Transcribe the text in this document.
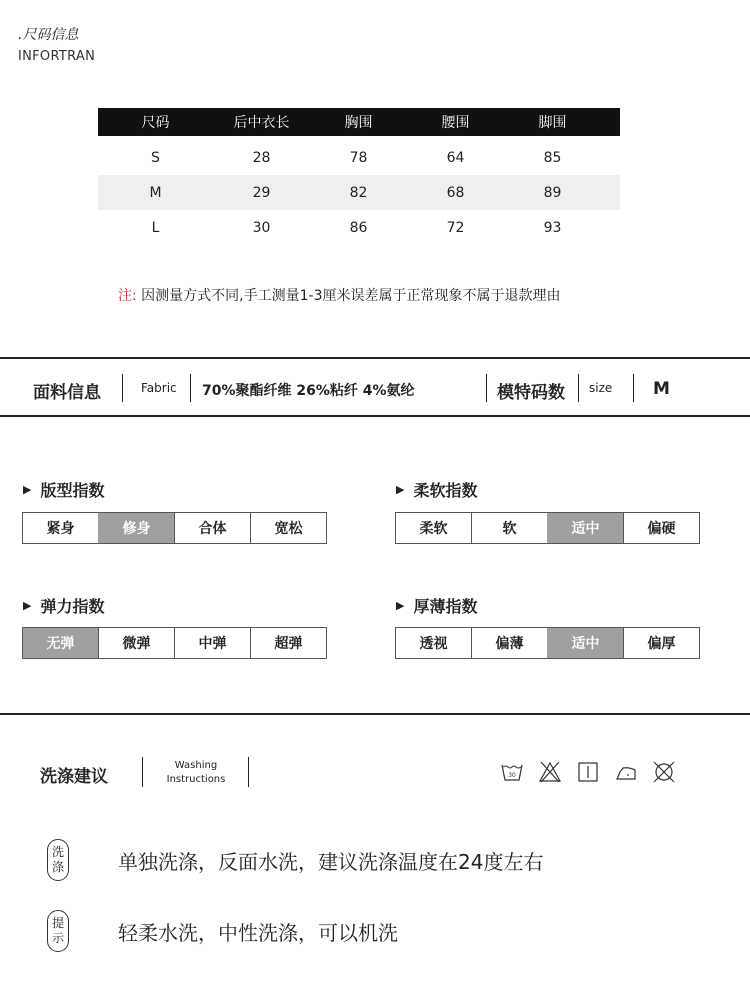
.尺码信息
INFORTRAN
尺码	后中衣长	胸围	腰围	脚围
S	28	78	64	85
M	29	82	68	89
L	30	86	72	93
注: 因测量方式不同,手工测量1-3厘米误差属于正常现象不属于退款理由
面料信息	Fabric 70%聚酯纤维 26%粘纤 4%氨纶	模特码数 size M
▶ 版型指数
紧身	修身	合体	宽松
▶ 柔软指数
柔软	软	适中	偏硬
▶ 弹力指数
无弹	微弹	中弹	超弹
▶ 厚薄指数
透视	偏薄	适中	偏厚
洗涤建议
Washing
Instructions	30
洗
涤	单独洗涤，反面水洗，建议洗涤温度在24度左右
提
示	轻柔水洗，中性洗涤，可以机洗
